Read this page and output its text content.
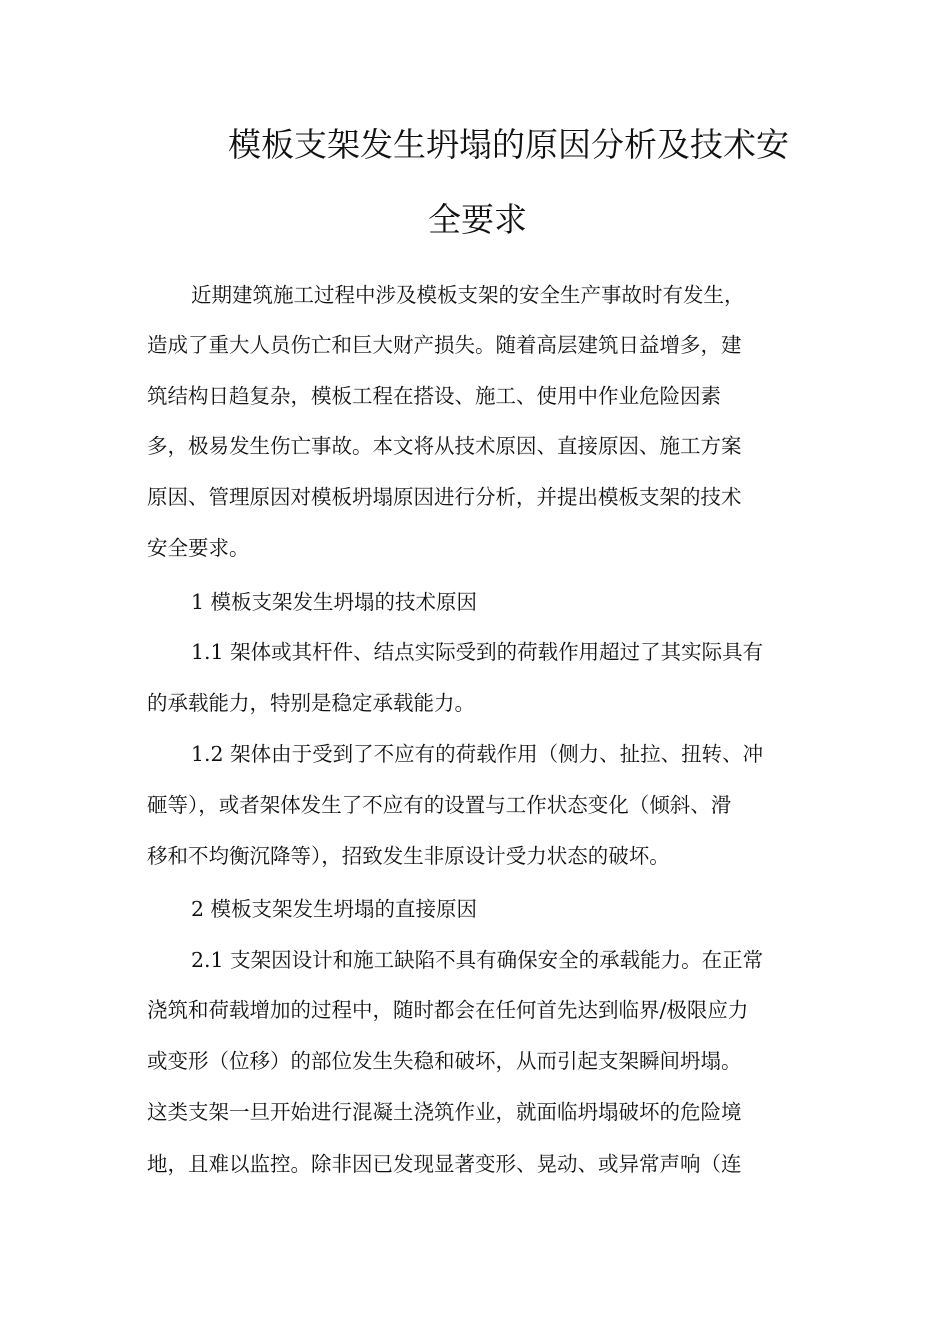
模板支架发生坍塌的原因分析及技术安
全要求
近期建筑施工过程中涉及模板支架的安全生产事故时有发生，
造成了重大人员伤亡和巨大财产损失。随着高层建筑日益增多，建
筑结构日趋复杂，模板工程在搭设、施工、使用中作业危险因素
多，极易发生伤亡事故。本文将从技术原因、直接原因、施工方案
原因、管理原因对模板坍塌原因进行分析，并提出模板支架的技术
安全要求。
1 模板支架发生坍塌的技术原因
1.1 架体或其杆件、结点实际受到的荷载作用超过了其实际具有
的承载能力，特别是稳定承载能力。
1.2 架体由于受到了不应有的荷载作用（侧力、扯拉、扭转、冲
砸等），或者架体发生了不应有的设置与工作状态变化（倾斜、滑
移和不均衡沉降等），招致发生非原设计受力状态的破坏。
2 模板支架发生坍塌的直接原因
2.1 支架因设计和施工缺陷不具有确保安全的承载能力。在正常
浇筑和荷载增加的过程中，随时都会在任何首先达到临界/极限应力
或变形（位移）的部位发生失稳和破坏，从而引起支架瞬间坍塌。
这类支架一旦开始进行混凝土浇筑作业，就面临坍塌破坏的危险境
地，且难以监控。除非因已发现显著变形、晃动、或异常声响（连
